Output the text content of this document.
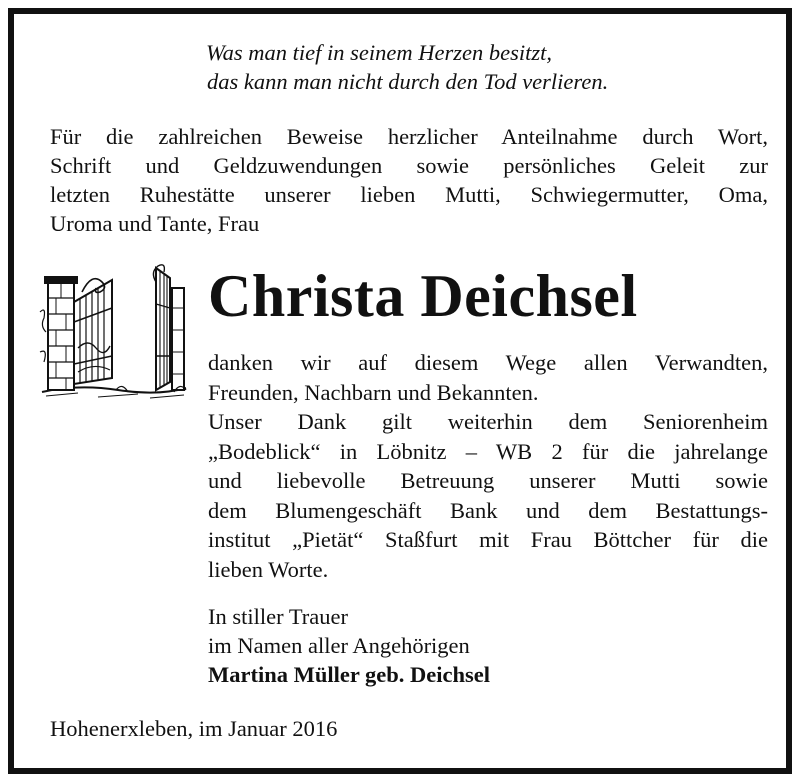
Was man tief in seinem Herzen besitzt,
das kann man nicht durch den Tod verlieren.
Für die zahlreichen Beweise herzlicher Anteilnahme durch Wort,
Schrift und Geldzuwendungen sowie persönliches Geleit zur
letzten Ruhestätte unserer lieben Mutti, Schwiegermutter, Oma,
Uroma und Tante, Frau
Christa Deichsel
danken wir auf diesem Wege allen Verwandten,
Freunden, Nachbarn und Bekannten.
Unser Dank gilt weiterhin dem Seniorenheim
„Bodeblick“ in Löbnitz – WB 2 für die jahrelange
und liebevolle Betreuung unserer Mutti sowie
dem Blumengeschäft Bank und dem Bestattungs-
institut „Pietät“ Staßfurt mit Frau Böttcher für die
lieben Worte.
In stiller Trauer
im Namen aller Angehörigen
Martina Müller geb. Deichsel
Hohenerxleben, im Januar 2016
